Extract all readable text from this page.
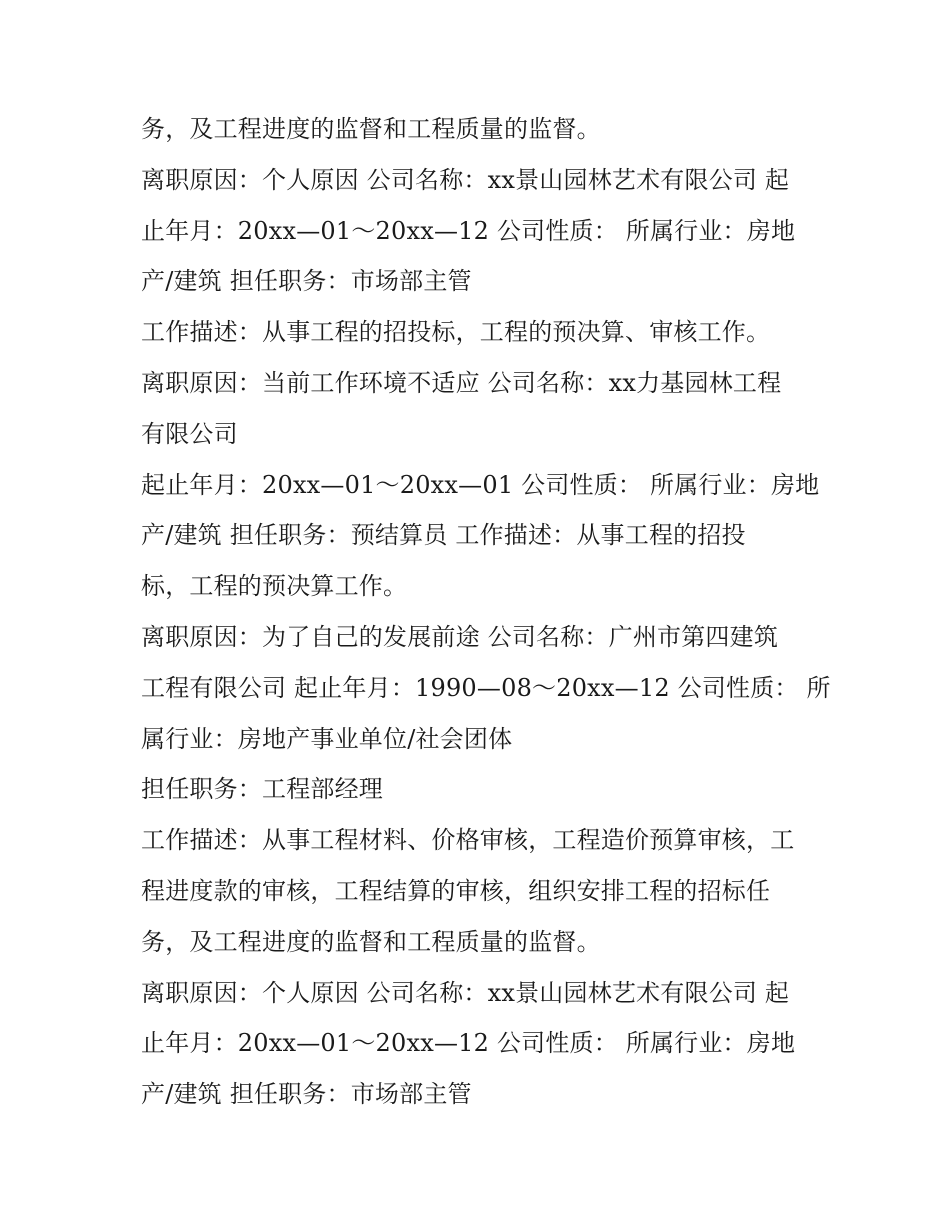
务，及工程进度的监督和工程质量的监督。
离职原因：个人原因 公司名称：xx景山园林艺术有限公司 起
止年月：20xx—01～20xx—12 公司性质： 所属行业：房地
产/建筑 担任职务：市场部主管
工作描述：从事工程的招投标，工程的预决算、审核工作。
离职原因：当前工作环境不适应 公司名称：xx力基园林工程
有限公司
起止年月：20xx—01～20xx—01 公司性质： 所属行业：房地
产/建筑 担任职务：预结算员 工作描述：从事工程的招投
标，工程的预决算工作。
离职原因：为了自己的发展前途 公司名称：广州市第四建筑
工程有限公司 起止年月：1990—08～20xx—12 公司性质： 所
属行业：房地产事业单位/社会团体
担任职务：工程部经理
工作描述：从事工程材料、价格审核，工程造价预算审核，工
程进度款的审核，工程结算的审核，组织安排工程的招标任
务，及工程进度的监督和工程质量的监督。
离职原因：个人原因 公司名称：xx景山园林艺术有限公司 起
止年月：20xx—01～20xx—12 公司性质： 所属行业：房地
产/建筑 担任职务：市场部主管
